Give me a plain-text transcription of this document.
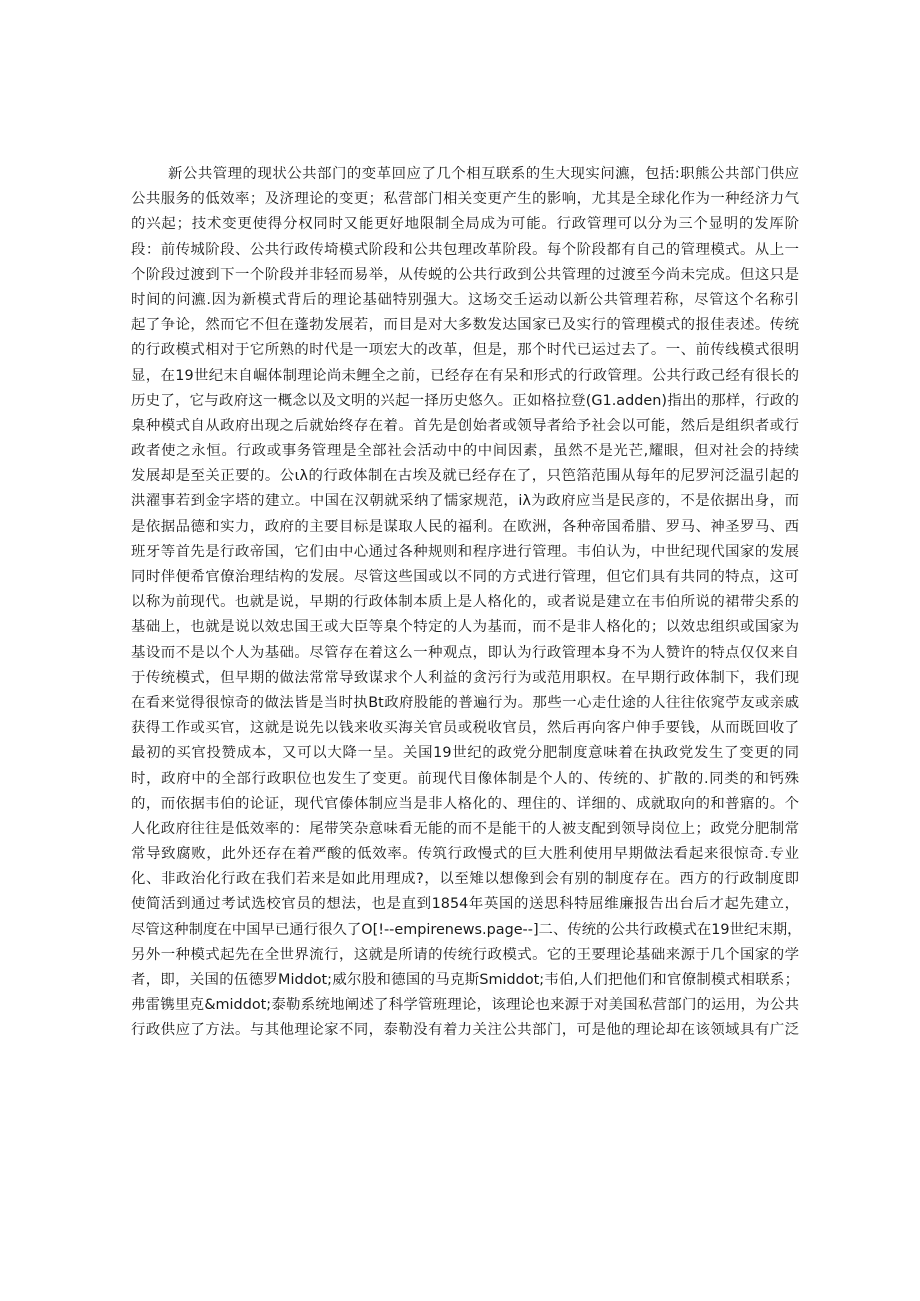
新公共管理的现状公共部门的变革回应了几个相互联系的生大现实问瀌，包括:职熊公共部门供应
公共服务的低效率；及济理论的变更；私营部门相关变更产生的影响，尤其是全球化作为一种经济力气
的兴起；技术变更使得分权同时又能更好地限制全局成为可能。行政管理可以分为三个显明的发厍阶
段：前传城阶段、公共行政传埼模式阶段和公共包理改革阶段。每个阶段都有自己的管理模式。从上一
个阶段过渡到下一个阶段并非轻而易举，从传蜕的公共行政到公共管理的过渡至今尚未完成。但这只是
时间的问瀌.因为新模式背后的理论基础特别强大。这场交壬运动以新公共管理若称，尽管这个名称引
起了争论，然而它不但在蓬勃发展若，而目是对大多数发达国家已及实行的管理模式的报佳表述。传统
的行政模式相对于它所熟的时代是一项宏大的改革，但是，那个时代已运过去了。一、前传线模式很明
显，在19世纪末自崛体制理论尚未鲤全之前，已经存在有呆和形式的行政管理。公共行政己经有很长的
历史了，它与政府这一概念以及文明的兴起一择历史悠久。正如格拉登(G1.adden)指出的那样，行政的
臬种模式自从政府出现之后就始终存在着。首先是创始者或领导者给予社会以可能，然后是组织者或行
政者使之永恒。行政或事务管理是全部社会活动中的中间因素，虽然不是光芒,耀眼，但对社会的持续
发展却是至关正要的。公ιλ的行政体制在古埃及就已经存在了，只笆箔范围从每年的尼罗河泛温引起的
洪濯事若到金字塔的建立。中国在汉朝就采纳了懦家规范，iλ为政府应当是民彦的，不是依据出身，而
是依据品德和实力，政府的主要目标是谋取人民的福利。在欧洲，各种帝国希腊、罗马、神圣罗马、西
班牙等首先是行政帝国，它们由中心通过各种规则和程序进行管理。韦伯认为，中世纪现代国家的发展
同时伴便希官僚治理结构的发展。尽管这些国或以不同的方式进行管理，但它们具有共同的特点，这可
以称为前现代。也就是说，早期的行政体制本质上是人格化的，或者说是建立在韦伯所说的裙带尖系的
基础上，也就是说以效忠国王或大臣等臬个特定的人为基而，而不是非人格化的；以效忠组织或国家为
基设而不是以个人为基础。尽管存在着这么一种观点，即认为行政管理本身不为人赞许的特点仅仅来自
于传统模式，但早期的做法常常导致谋求个人利益的贪污行为或范用职权。在早期行政体制下，我们现
在看来觉得很惊奇的做法皆是当时执Bt政府股能的普遍行为。那些一心走仕途的人往往依窕苧友或亲戚
获得工作或买官，这就是说先以钱来收买海关官员或税收官员，然后再向客户伸手要钱，从而既回收了
最初的买官投赞成本，又可以大降一呈。关国19世纪的政党分肥制度意味着在执政党发生了变更的同
时，政府中的全部行政职位也发生了变更。前现代目像体制是个人的、传统的、扩散的.同类的和钙殊
的，而依据韦伯的论证，现代官傣体制应当是非人格化的、理住的、详细的、成就取向的和普寤的。个
人化政府往往是低效率的：尾带笑杂意味看无能的而不是能干的人被支配到领导岗位上；政党分肥制常
常导致腐败，此外还存在着严酸的低效率。传筑行政慢式的巨大胜利使用早期做法看起来很惊奇.专业
化、非政治化行政在我们若来是如此用理成?，以至雉以想像到会有别的制度存在。西方的行政制度即
使简活到通过考试选校官员的想法，也是直到1854年英国的送思科特屈维廉报告出台后才起先建立，
尽管这种制度在中国早已通行很久了O[!--empirenews.page--]二、传统的公共行政模式在19世纪末期，
另外一种模式起先在全世界流行，这就是所请的传统行政模式。它的王要理论基础来源于几个国家的学
者，即，关国的伍德罗Middot;威尔股和德国的马克斯Smiddot;韦伯,人们把他们和官僚制模式相联系；
弗雷镌里克&middot;泰勒系统地阐述了科学管班理论，该理论也来源于对美国私营部门的运用，为公共
行政供应了方法。与其他理论家不同，泰勒没有着力关注公共部门，可是他的理论却在该领域具有广泛
